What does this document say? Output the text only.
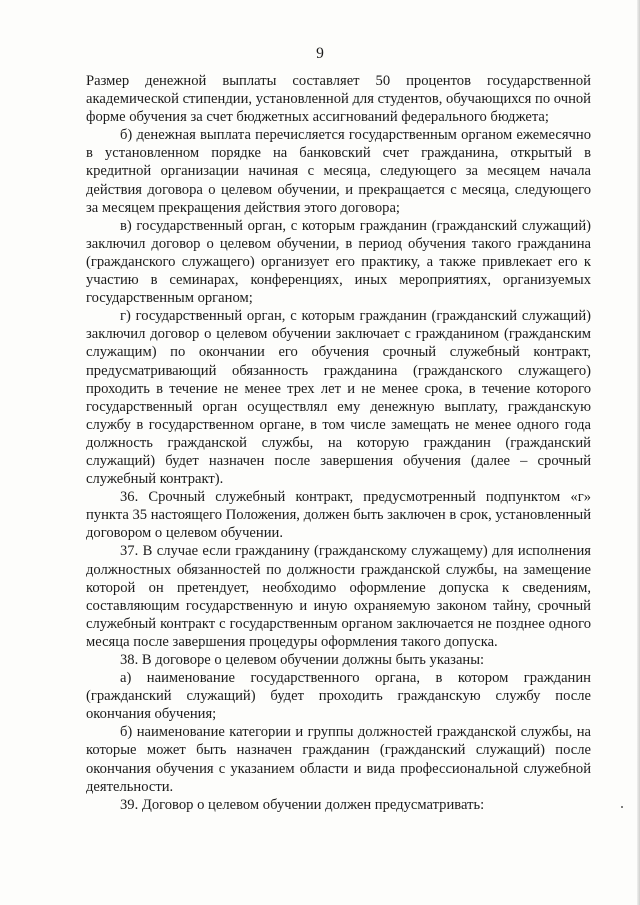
9

Размер денежной выплаты составляет 50 процентов государственной академической стипендии, установленной для студентов, обучающихся по очной форме обучения за счет бюджетных ассигнований федерального бюджета;

б) денежная выплата перечисляется государственным органом ежемесячно в установленном порядке на банковский счет гражданина, открытый в кредитной организации начиная с месяца, следующего за месяцем начала действия договора о целевом обучении, и прекращается с месяца, следующего за месяцем прекращения действия этого договора;

в) государственный орган, с которым гражданин (гражданский служащий) заключил договор о целевом обучении, в период обучения такого гражданина (гражданского служащего) организует его практику, а также привлекает его к участию в семинарах, конференциях, иных мероприятиях, организуемых государственным органом;

г) государственный орган, с которым гражданин (гражданский служащий) заключил договор о целевом обучении заключает с гражданином (гражданским служащим) по окончании его обучения срочный служебный контракт, предусматривающий обязанность гражданина (гражданского служащего) проходить в течение не менее трех лет и не менее срока, в течение которого государственный орган осуществлял ему денежную выплату, гражданскую службу в государственном органе, в том числе замещать не менее одного года должность гражданской службы, на которую гражданин (гражданский служащий) будет назначен после завершения обучения (далее – срочный служебный контракт).

36. Срочный служебный контракт, предусмотренный подпунктом «г» пункта 35 настоящего Положения, должен быть заключен в срок, установленный договором о целевом обучении.

37. В случае если гражданину (гражданскому служащему) для исполнения должностных обязанностей по должности гражданской службы, на замещение которой он претендует, необходимо оформление допуска к сведениям, составляющим государственную и иную охраняемую законом тайну, срочный служебный контракт с государственным органом заключается не позднее одного месяца после завершения процедуры оформления такого допуска.

38. В договоре о целевом обучении должны быть указаны:

а) наименование государственного органа, в котором гражданин (гражданский служащий) будет проходить гражданскую службу после окончания обучения;

б) наименование категории и группы должностей гражданской службы, на которые может быть назначен гражданин (гражданский служащий) после окончания обучения с указанием области и вида профессиональной служебной деятельности.

39. Договор о целевом обучении должен предусматривать:
